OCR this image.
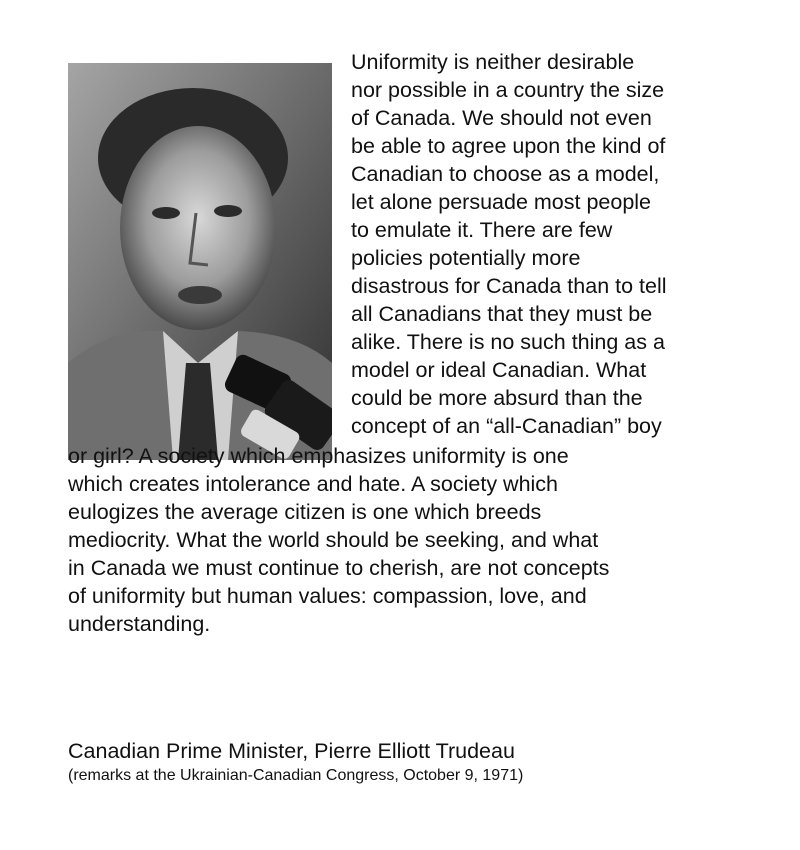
Uniformity is neither desirable
nor possible in a country the size
of Canada. We should not even
be able to agree upon the kind of
Canadian to choose as a model,
let alone persuade most people
to emulate it. There are few
policies potentially more
disastrous for Canada than to tell
all Canadians that they must be
alike. There is no such thing as a
model or ideal Canadian. What
could be more absurd than the
concept of an “all-Canadian” boy
or girl? A society which emphasizes uniformity is one
which creates intolerance and hate. A society which
eulogizes the average citizen is one which breeds
mediocrity. What the world should be seeking, and what
in Canada we must continue to cherish, are not concepts
of uniformity but human values: compassion, love, and
understanding.
Canadian Prime Minister, Pierre Elliott Trudeau
(remarks at the Ukrainian-Canadian Congress, October 9, 1971)
